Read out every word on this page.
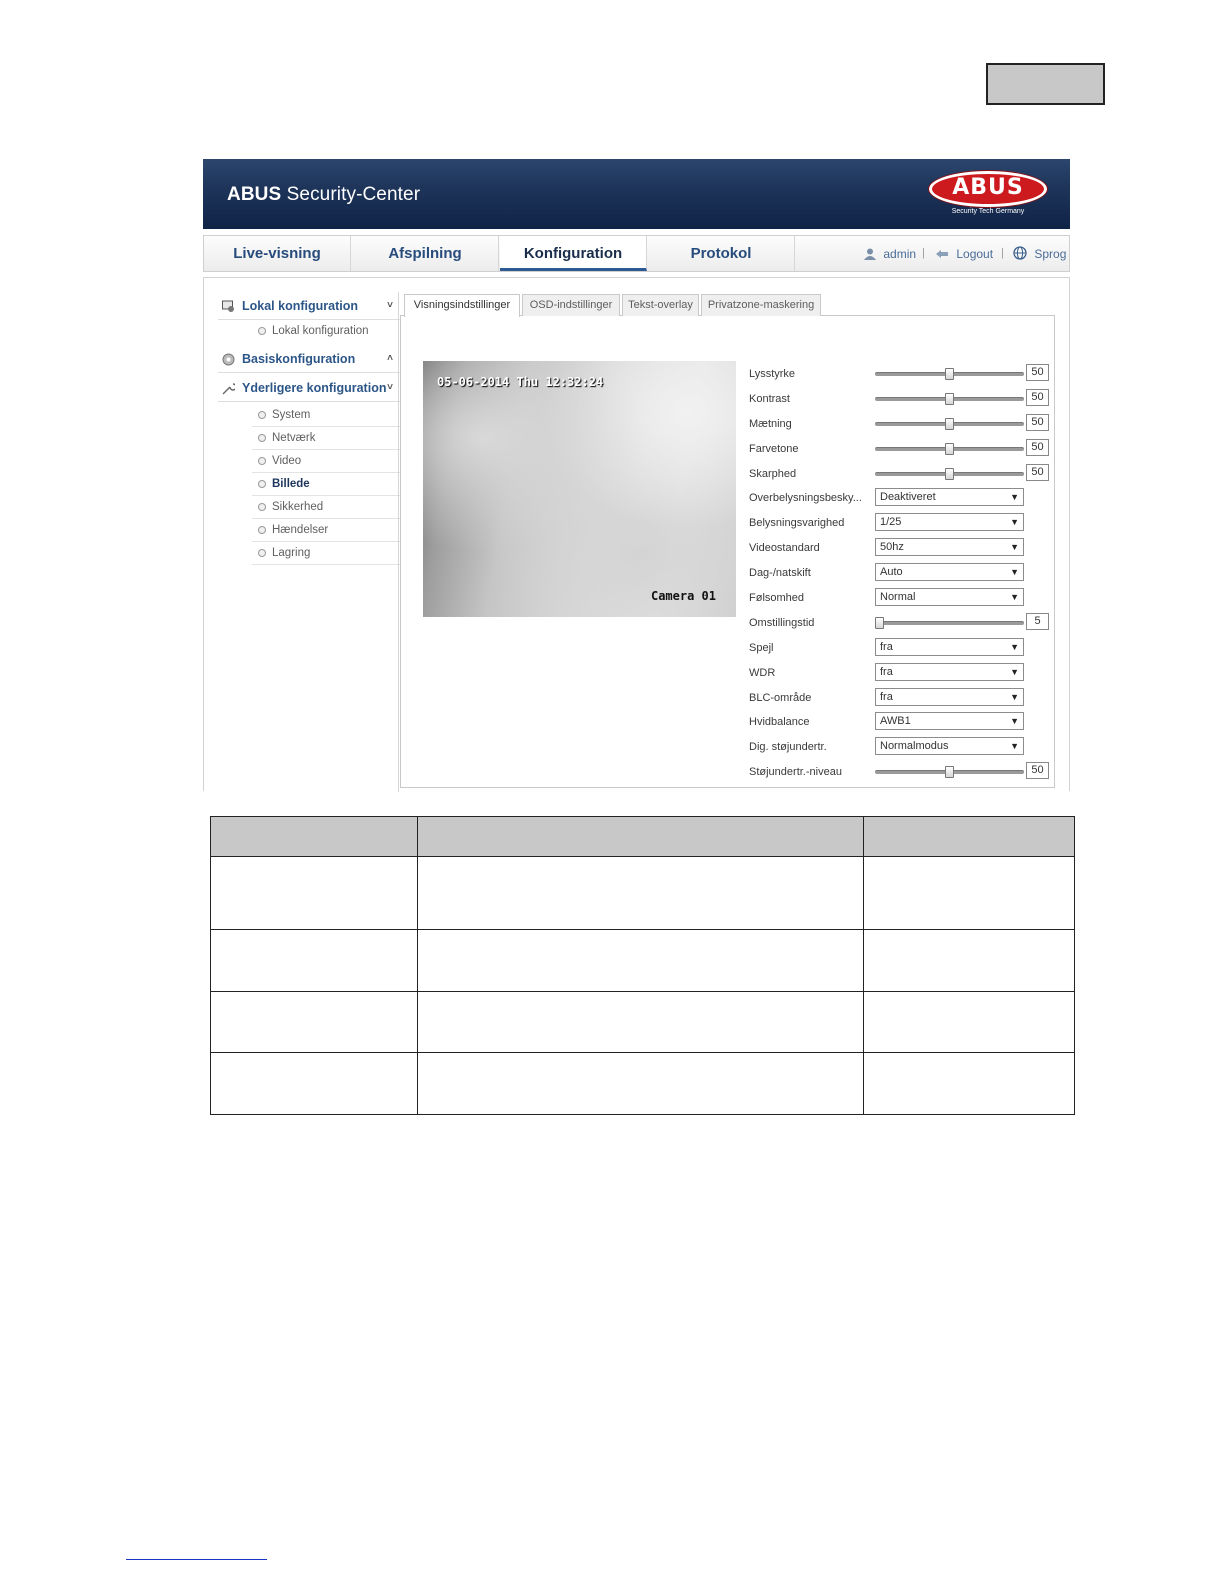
ABUS Security-Center	ABUS
Security Tech Germany
Live-visning	Afspilning	Konfiguration	Protokol	admin |	Logout |	Sprog
Lokal konfiguration	˅
Lokal konfiguration
Basiskonfiguration	˄
Yderligere konfiguration ˅
System
Netværk
Video
Billede
Sikkerhed
Hændelser
Lagring
Visningsindstillinger	OSD-indstillinger	Tekst-overlay	Privatzone-maskering
05-06-2014 Thu 12:32:24
Camera 01
Lysstyrke	50
Kontrast	50
Mætning	50
Farvetone	50
Skarphed	50
Overbelysningsbesky...	Deaktiveret	▼
Belysningsvarighed	1/25	▼
Videostandard	50hz	▼
Dag-/natskift	Auto	▼
Følsomhed	Normal	▼
Omstillingstid	5
Spejl	fra	▼
WDR	fra	▼
BLC-område	fra	▼
Hvidbalance	AWB1	▼
Dig. støjundertr.	Normalmodus	▼
Støjundertr.-niveau	50
